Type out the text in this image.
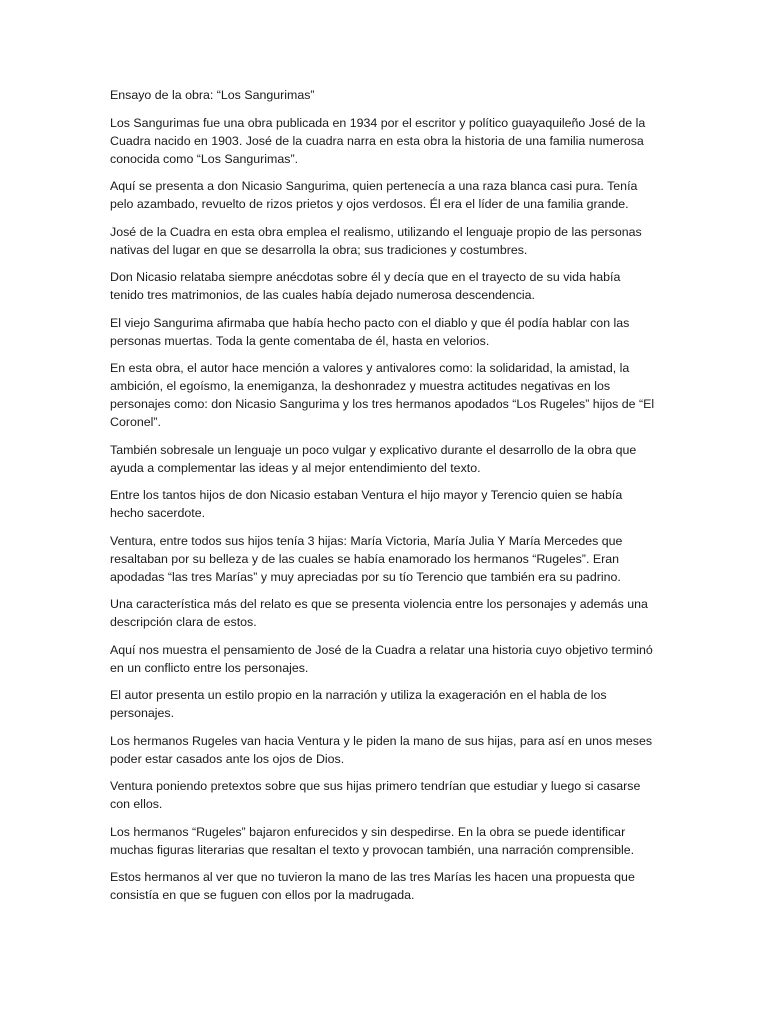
Ensayo de la obra: “Los Sangurimas”

Los Sangurimas fue una obra publicada en 1934 por el escritor y político guayaquileño José de la Cuadra nacido en 1903. José de la cuadra narra en esta obra la historia de una familia numerosa conocida como “Los Sangurimas”.

Aquí se presenta a don Nicasio Sangurima, quien pertenecía a una raza blanca casi pura. Tenía pelo azambado, revuelto de rizos prietos y ojos verdosos. Él era el líder de una familia grande.

José de la Cuadra en esta obra emplea el realismo, utilizando el lenguaje propio de las personas nativas del lugar en que se desarrolla la obra; sus tradiciones y costumbres.

Don Nicasio relataba siempre anécdotas sobre él y decía que en el trayecto de su vida había tenido tres matrimonios, de las cuales había dejado numerosa descendencia.

El viejo Sangurima afirmaba que había hecho pacto con el diablo y que él podía hablar con las personas muertas. Toda la gente comentaba de él, hasta en velorios.

En esta obra, el autor hace mención a valores y antivalores como: la solidaridad, la amistad, la ambición, el egoísmo, la enemiganza, la deshonradez y muestra actitudes negativas en los personajes como: don Nicasio Sangurima y los tres hermanos apodados “Los Rugeles” hijos de “El Coronel”.

También sobresale un lenguaje un poco vulgar y explicativo durante el desarrollo de la obra que ayuda a complementar las ideas y al mejor entendimiento del texto.

Entre los tantos hijos de don Nicasio estaban Ventura el hijo mayor y Terencio quien se había hecho sacerdote.

Ventura, entre todos sus hijos tenía 3 hijas: María Victoria, María Julia Y María Mercedes que resaltaban por su belleza y de las cuales se había enamorado los hermanos “Rugeles”. Eran apodadas “las tres Marías” y muy apreciadas por su tío Terencio que también era su padrino.

Una característica más del relato es que se presenta violencia entre los personajes y además una descripción clara de estos.

Aquí nos muestra el pensamiento de José de la Cuadra a relatar una historia cuyo objetivo terminó en un conflicto entre los personajes.

El autor presenta un estilo propio en la narración y utiliza la exageración en el habla de los personajes.

Los hermanos Rugeles van hacia Ventura y le piden la mano de sus hijas, para así en unos meses poder estar casados ante los ojos de Dios.

Ventura poniendo pretextos sobre que sus hijas primero tendrían que estudiar y luego si casarse con ellos.

Los hermanos “Rugeles” bajaron enfurecidos y sin despedirse. En la obra se puede identificar muchas figuras literarias que resaltan el texto y provocan también, una narración comprensible.

Estos hermanos al ver que no tuvieron la mano de las tres Marías les hacen una propuesta que consistía en que se fuguen con ellos por la madrugada.
